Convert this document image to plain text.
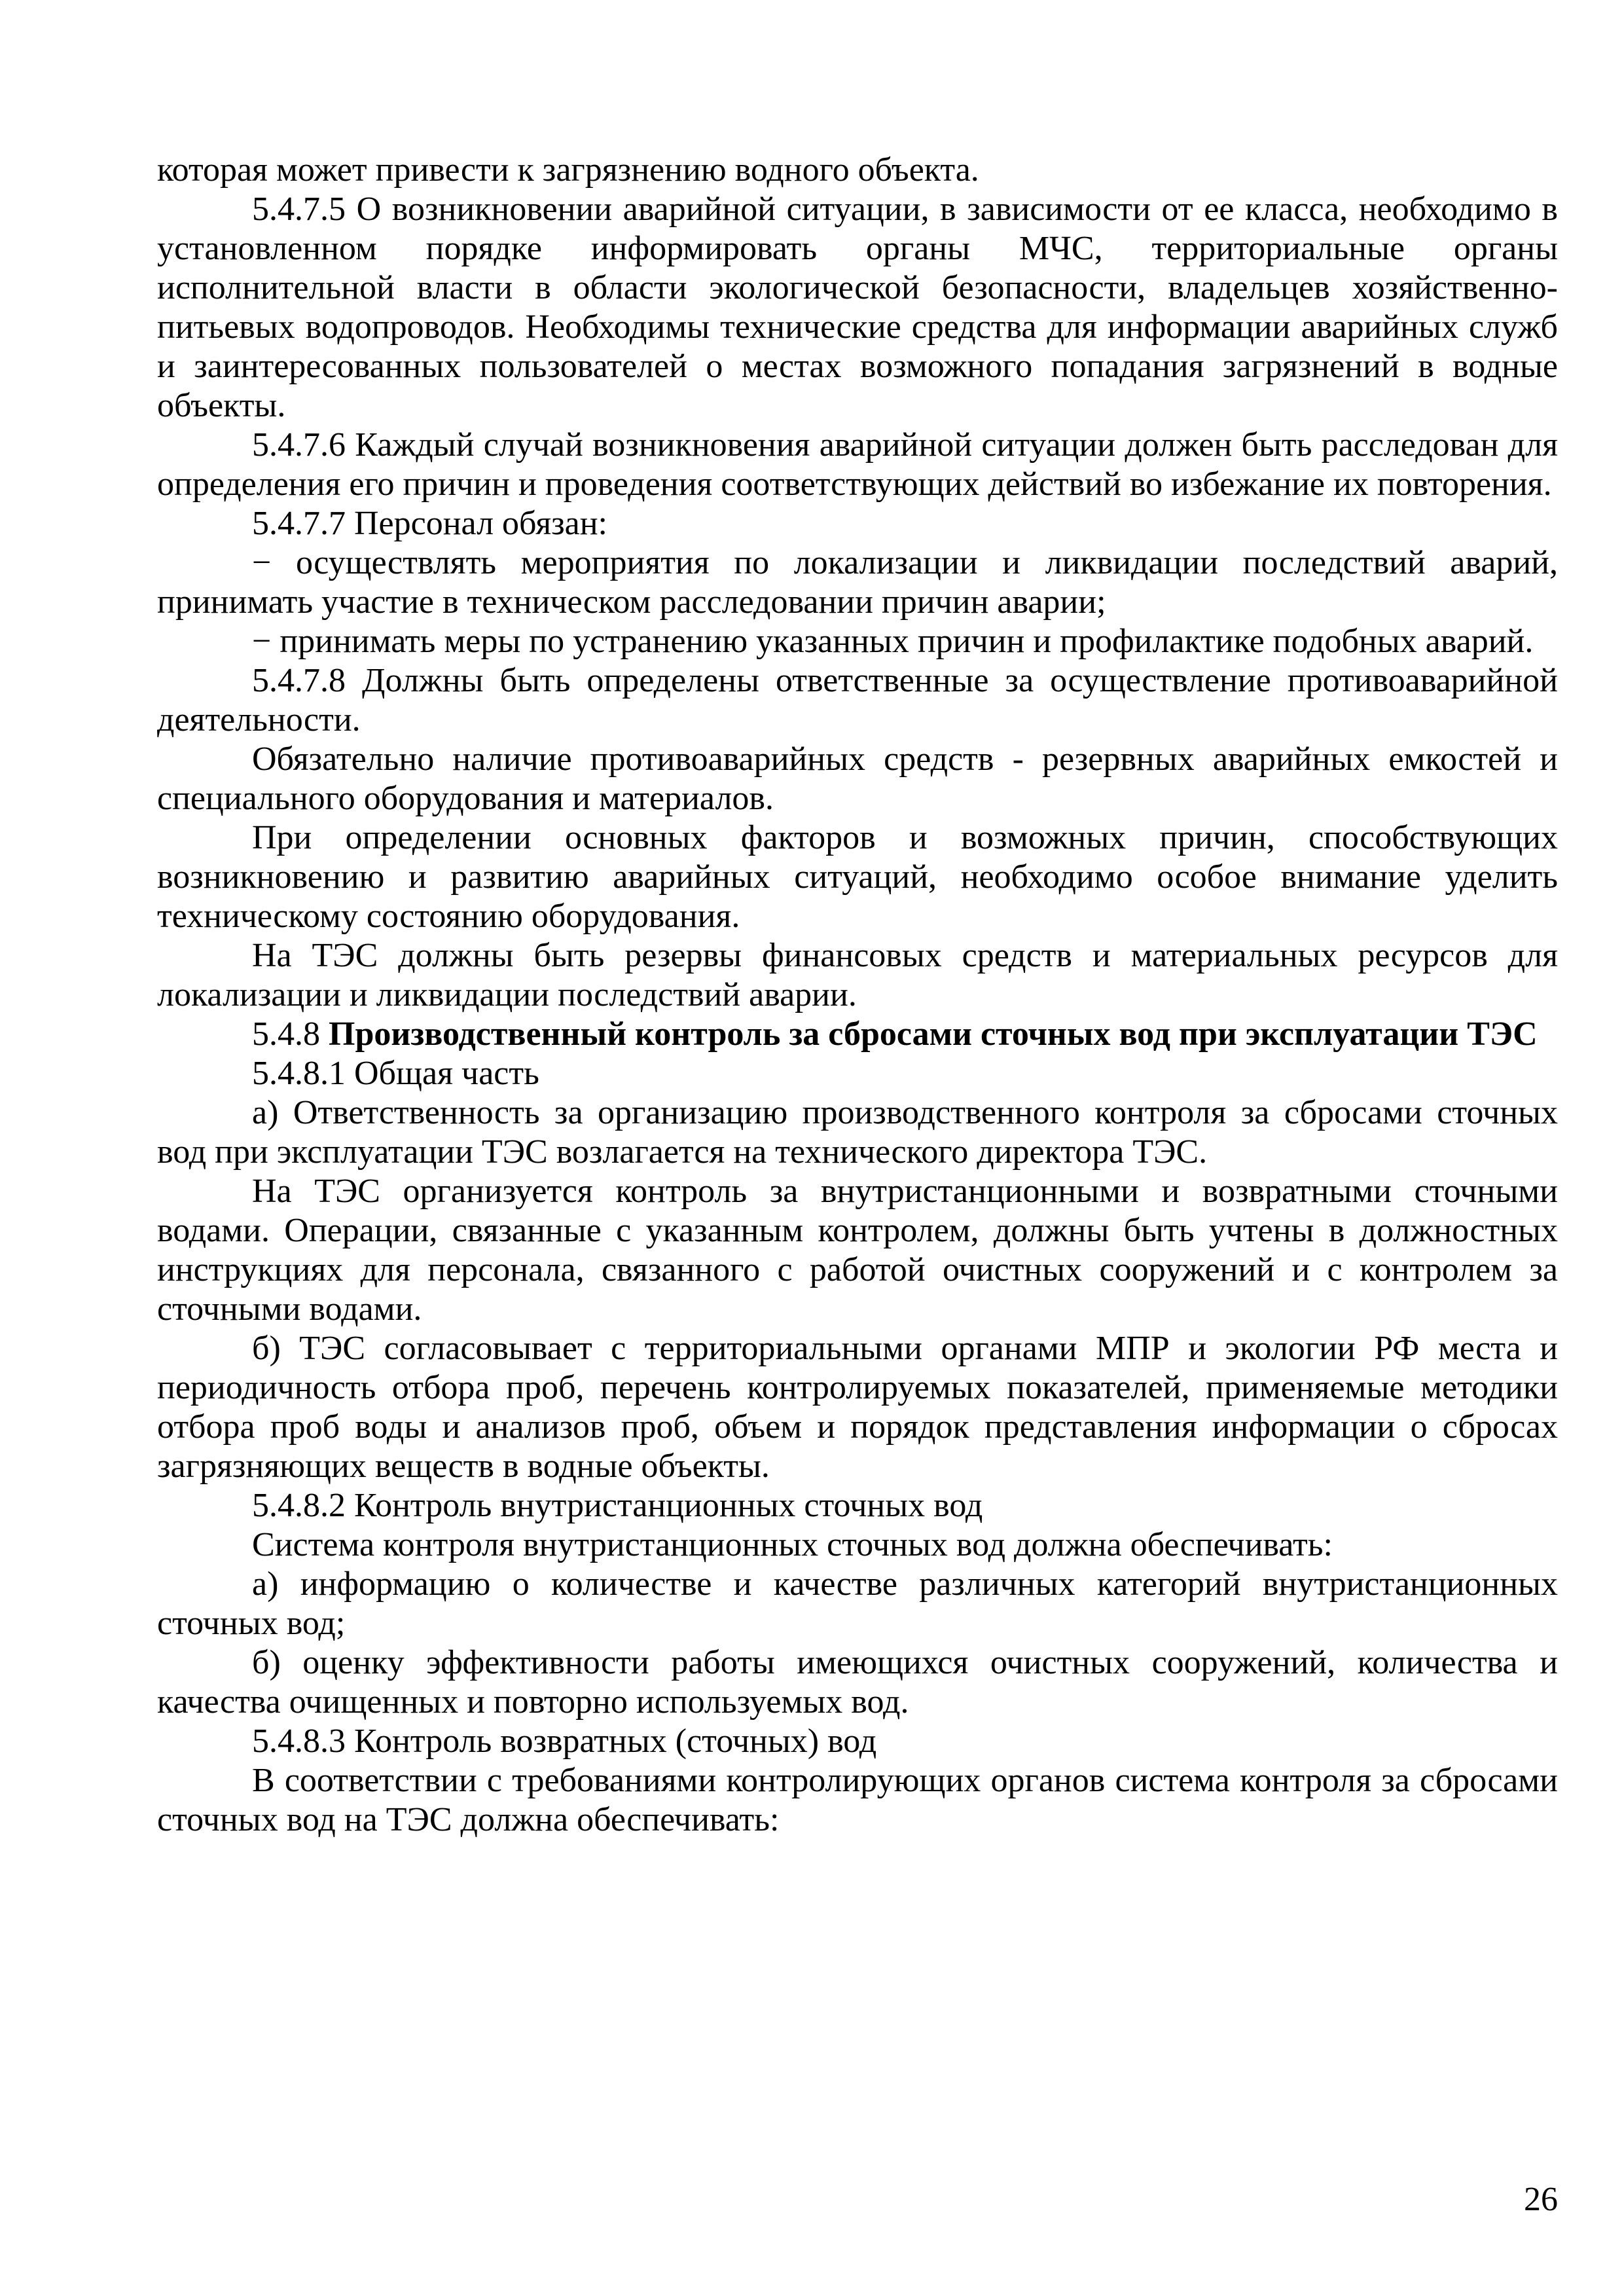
которая может привести к загрязнению водного объекта.

5.4.7.5 О возникновении аварийной ситуации, в зависимости от ее класса, необходимо в установленном порядке информировать органы МЧС, территориальные органы исполнительной власти в области экологической безопасности, владельцев хозяйственно-питьевых водопроводов. Необходимы технические средства для информации аварийных служб и заинтересованных пользователей о местах возможного попадания загрязнений в водные объекты.

5.4.7.6 Каждый случай возникновения аварийной ситуации должен быть расследован для определения его причин и проведения соответствующих действий во избежание их повторения.

5.4.7.7 Персонал обязан:

− осуществлять мероприятия по локализации и ликвидации последствий аварий, принимать участие в техническом расследовании причин аварии;

− принимать меры по устранению указанных причин и профилактике подобных аварий.

5.4.7.8 Должны быть определены ответственные за осуществление противоаварийной деятельности.

Обязательно наличие противоаварийных средств - резервных аварийных емкостей и специального оборудования и материалов.

При определении основных факторов и возможных причин, способствующих возникновению и развитию аварийных ситуаций, необходимо особое внимание уделить техническому состоянию оборудования.

На ТЭС должны быть резервы финансовых средств и материальных ресурсов для локализации и ликвидации последствий аварии.

5.4.8 Производственный контроль за сбросами сточных вод при эксплуатации ТЭС

5.4.8.1 Общая часть

а) Ответственность за организацию производственного контроля за сбросами сточных вод при эксплуатации ТЭС возлагается на технического директора ТЭС.

На ТЭС организуется контроль за внутристанционными и возвратными сточными водами. Операции, связанные с указанным контролем, должны быть учтены в должностных инструкциях для персонала, связанного с работой очистных сооружений и с контролем за сточными водами.

б) ТЭС согласовывает с территориальными органами МПР и экологии РФ места и периодичность отбора проб, перечень контролируемых показателей, применяемые методики отбора проб воды и анализов проб, объем и порядок представления информации о сбросах загрязняющих веществ в водные объекты.

5.4.8.2 Контроль внутристанционных сточных вод

Система контроля внутристанционных сточных вод должна обеспечивать:

а) информацию о количестве и качестве различных категорий внутристанционных сточных вод;

б) оценку эффективности работы имеющихся очистных сооружений, количества и качества очищенных и повторно используемых вод.

5.4.8.3 Контроль возвратных (сточных) вод

В соответствии с требованиями контролирующих органов система контроля за сбросами сточных вод на ТЭС должна обеспечивать:

26
